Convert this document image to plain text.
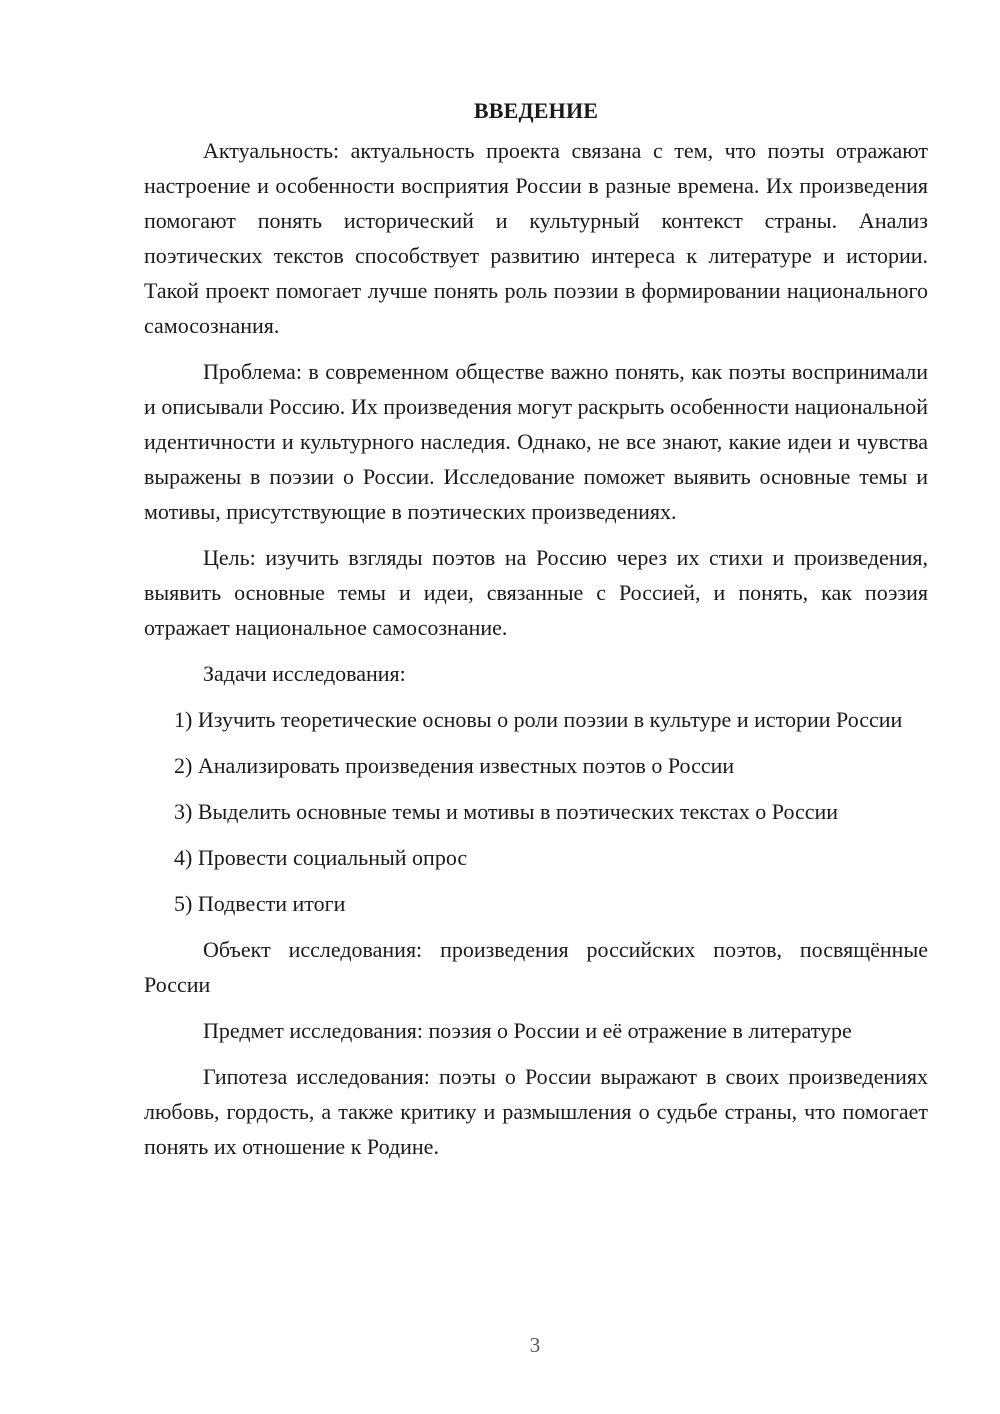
ВВЕДЕНИЕ

Актуальность: актуальность проекта связана с тем, что поэты отражают настроение и особенности восприятия России в разные времена. Их произведения помогают понять исторический и культурный контекст страны. Анализ поэтических текстов способствует развитию интереса к литературе и истории. Такой проект помогает лучше понять роль поэзии в формировании национального самосознания.

Проблема: в современном обществе важно понять, как поэты воспринимали и описывали Россию. Их произведения могут раскрыть особенности национальной идентичности и культурного наследия. Однако, не все знают, какие идеи и чувства выражены в поэзии о России. Исследование поможет выявить основные темы и мотивы, присутствующие в поэтических произведениях.

Цель: изучить взгляды поэтов на Россию через их стихи и произведения, выявить основные темы и идеи, связанные с Россией, и понять, как поэзия отражает национальное самосознание.

Задачи исследования:

1) Изучить теоретические основы о роли поэзии в культуре и истории России

2) Анализировать произведения известных поэтов о России

3) Выделить основные темы и мотивы в поэтических текстах о России

4) Провести социальный опрос

5) Подвести итоги

Объект исследования: произведения российских поэтов, посвящённые России

Предмет исследования: поэзия о России и её отражение в литературе

Гипотеза исследования: поэты о России выражают в своих произведениях любовь, гордость, а также критику и размышления о судьбе страны, что помогает понять их отношение к Родине.

3
